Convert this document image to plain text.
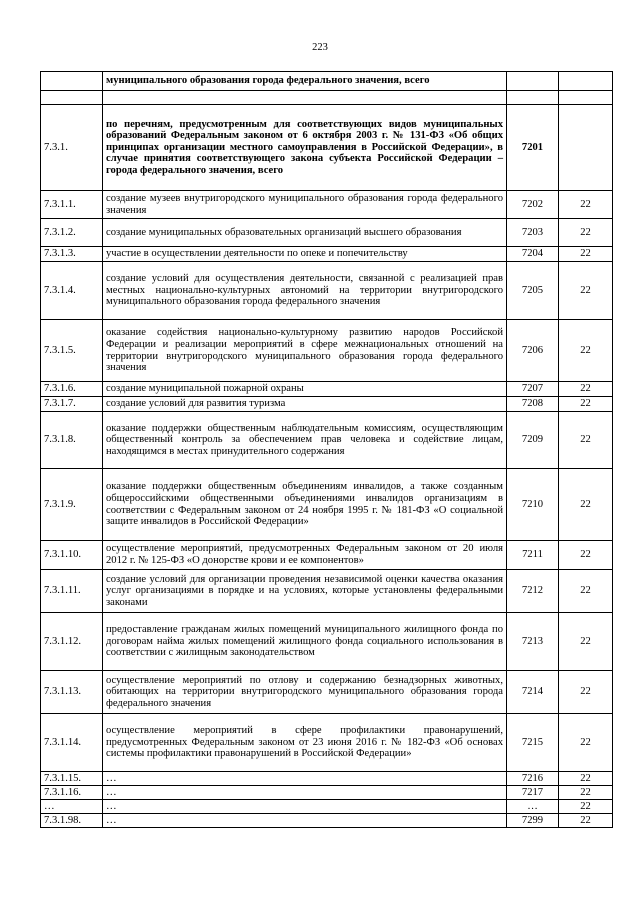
223
	муниципального образования города федерального значения, всего		

7.3.1.	по перечням, предусмотренным для соответствующих видов муниципальных образований Федеральным законом от 6 октября 2003 г. № 131-ФЗ «Об общих принципах организации местного самоуправления в Российской Федерации», в случае принятия соответствующего закона субъекта Российской Федерации – города федерального значения, всего	7201	
7.3.1.1.	создание музеев внутригородского муниципального образования города федерального значения	7202	22
7.3.1.2.	создание муниципальных образовательных организаций высшего образования	7203	22
7.3.1.3.	участие в осуществлении деятельности по опеке и попечительству	7204	22
7.3.1.4.	создание условий для осуществления деятельности, связанной с реализацией прав местных национально-культурных автономий на территории внутригородского муниципального образования города федерального значения	7205	22
7.3.1.5.	оказание содействия национально-культурному развитию народов Российской Федерации и реализации мероприятий в сфере межнациональных отношений на территории внутригородского муниципального образования города федерального значения	7206	22
7.3.1.6.	создание муниципальной пожарной охраны	7207	22
7.3.1.7.	создание условий для развития туризма	7208	22
7.3.1.8.	оказание поддержки общественным наблюдательным комиссиям, осуществляющим общественный контроль за обеспечением прав человека и содействие лицам, находящимся в местах принудительного содержания	7209	22
7.3.1.9.	оказание поддержки общественным объединениям инвалидов, а также созданным общероссийскими общественными объединениями инвалидов организациям в соответствии с Федеральным законом от 24 ноября 1995 г. № 181-ФЗ «О социальной защите инвалидов в Российской Федерации»	7210	22
7.3.1.10.	осуществление мероприятий, предусмотренных Федеральным законом от 20 июля 2012 г. № 125-ФЗ «О донорстве крови и ее компонентов»	7211	22
7.3.1.11.	создание условий для организации проведения независимой оценки качества оказания услуг организациями в порядке и на условиях, которые установлены федеральными законами	7212	22
7.3.1.12.	предоставление гражданам жилых помещений муниципального жилищного фонда по договорам найма жилых помещений жилищного фонда социального использования в соответствии с жилищным законодательством	7213	22
7.3.1.13.	осуществление мероприятий по отлову и содержанию безнадзорных животных, обитающих на территории внутригородского муниципального образования города федерального значения	7214	22
7.3.1.14.	осуществление мероприятий в сфере профилактики правонарушений, предусмотренных Федеральным законом от 23 июня 2016 г. № 182-ФЗ «Об основах системы профилактики правонарушений в Российской Федерации»	7215	22
7.3.1.15.	…	7216	22
7.3.1.16.	…	7217	22
…	…	…	22
7.3.1.98.	…	7299	22
